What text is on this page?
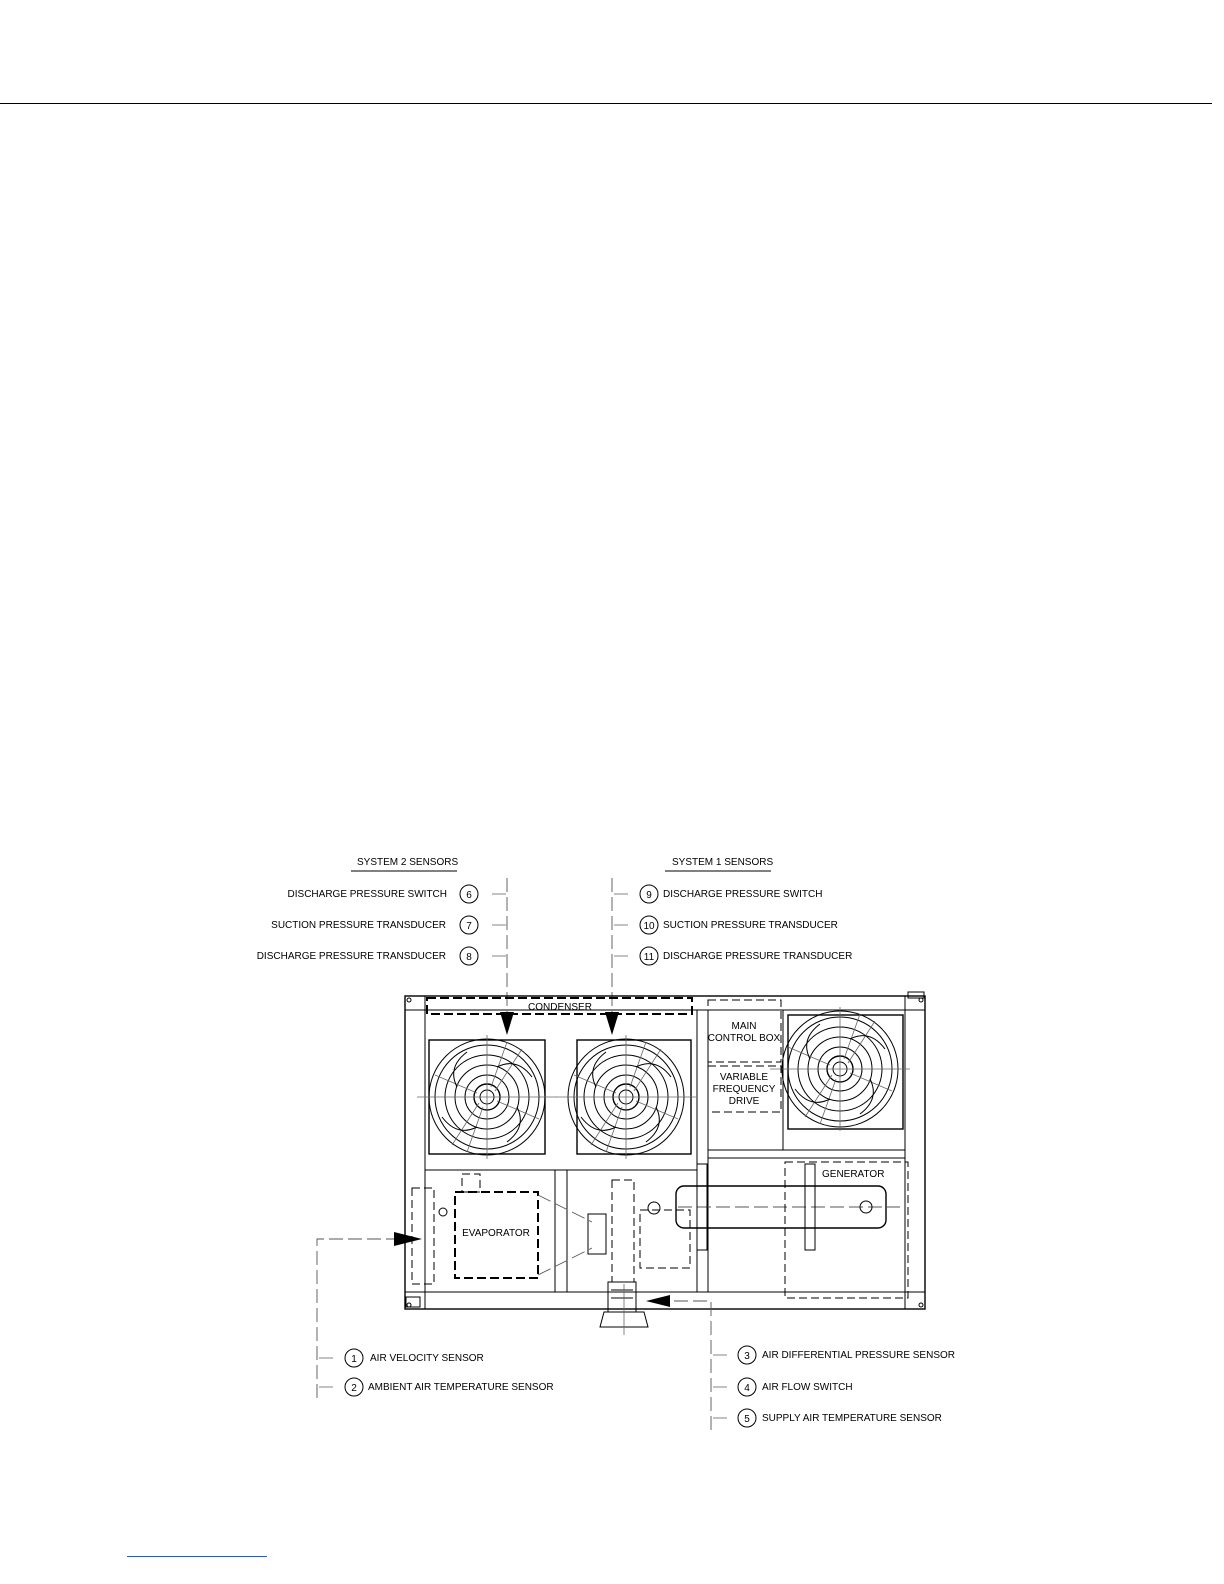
SYSTEM 2 SENSORS	SYSTEM 1 SENSORS
DISCHARGE PRESSURE SWITCH 6
SUCTION PRESSURE TRANSDUCER 7
DISCHARGE PRESSURE TRANSDUCER 8
9 DISCHARGE PRESSURE SWITCH
10 SUCTION PRESSURE TRANSDUCER
11 DISCHARGE PRESSURE TRANSDUCER
CONDENSER
MAIN
CONTROL BOX
VARIABLE
FREQUENCY
DRIVE
GENERATOR
EVAPORATOR
1 AIR VELOCITY SENSOR
2 AMBIENT AIR TEMPERATURE SENSOR
3 AIR DIFFERENTIAL PRESSURE SENSOR
4 AIR FLOW SWITCH
5 SUPPLY AIR TEMPERATURE SENSOR
